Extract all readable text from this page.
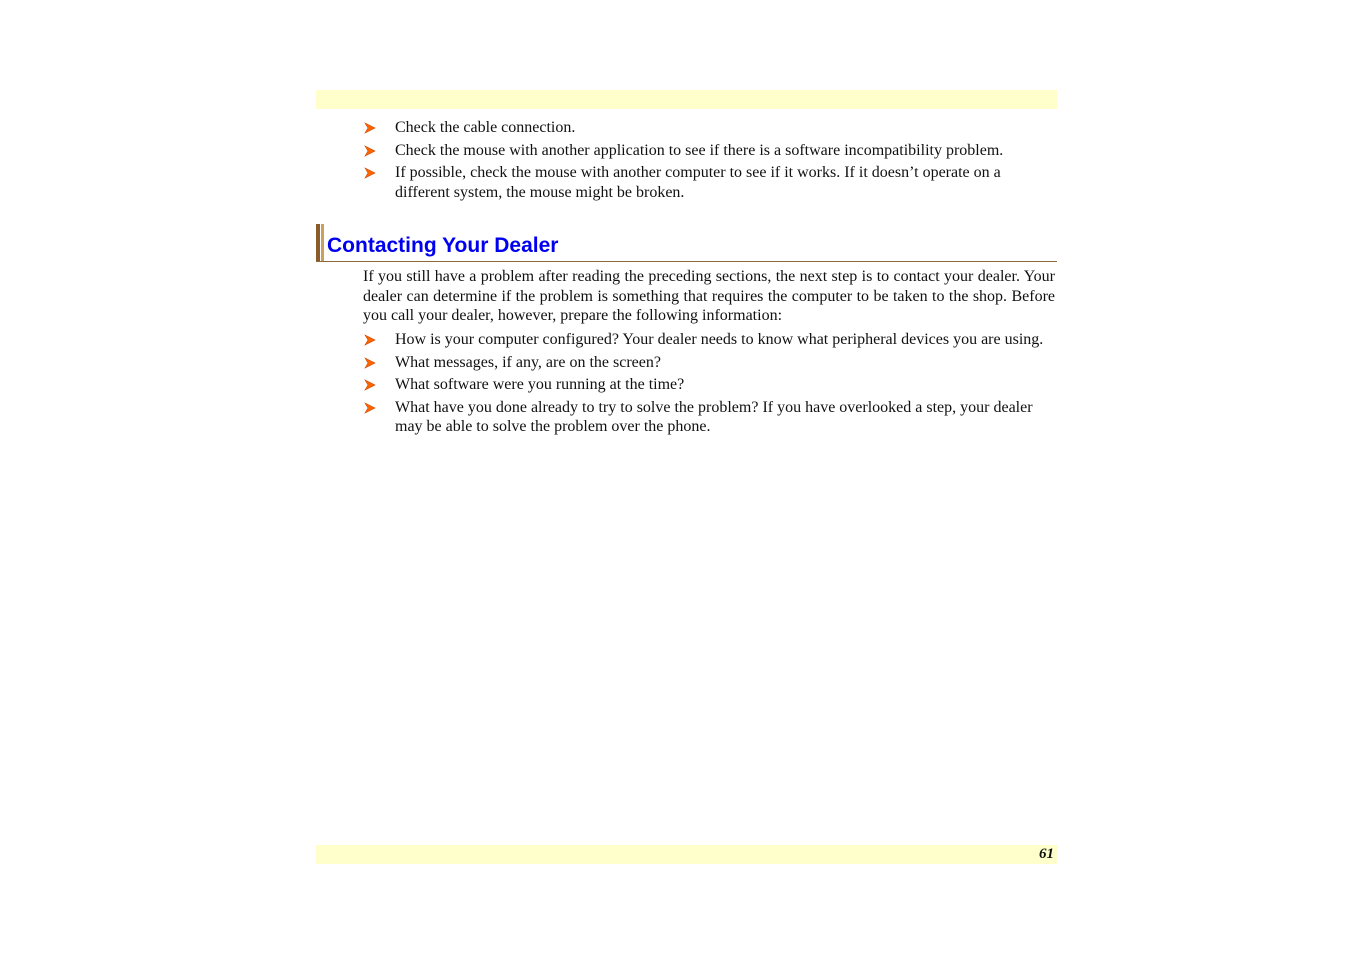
Check the cable connection.
Check the mouse with another application to see if there is a software incompatibility problem.
If possible, check the mouse with another computer to see if it works. If it doesn’t operate on a different system, the mouse might be broken.
Contacting Your Dealer

If you still have a problem after reading the preceding sections, the next step is to contact your dealer. Your dealer can determine if the problem is something that requires the computer to be taken to the shop. Before you call your dealer, however, prepare the following information:

How is your computer configured? Your dealer needs to know what peripheral devices you are using.
What messages, if any, are on the screen?
What software were you running at the time?
What have you done already to try to solve the problem? If you have overlooked a step, your dealer may be able to solve the problem over the phone.
61
